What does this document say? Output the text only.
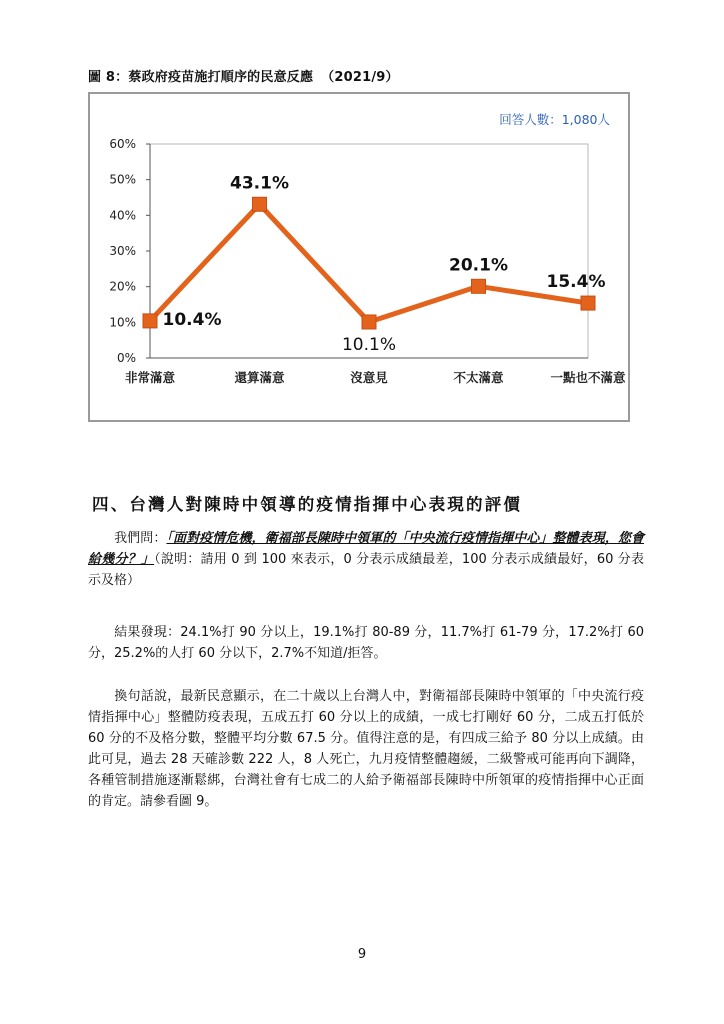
圖 8：蔡政府疫苗施打順序的民意反應 （2021/9）
0%
10%
20%
30%
40%
50%
60%
非常滿意	還算滿意	沒意見	不太滿意	一點也不滿意
10.4%
43.1%
10.1%
20.1%
15.4%
回答人數：1,080人
四、台灣人對陳時中領導的疫情指揮中心表現的評價

我們問：「面對疫情危機，衛福部長陳時中領軍的「中央流行疫情指揮中心」整體表現，您會給幾分？」（說明：請用 0 到 100 來表示，0 分表示成績最差，100 分表示成績最好，60 分表示及格）

結果發現：24.1%打 90 分以上，19.1%打 80-89 分，11.7%打 61-79 分，17.2%打 60 分，25.2%的人打 60 分以下，2.7%不知道/拒答。

換句話說，最新民意顯示，在二十歲以上台灣人中，對衛福部長陳時中領軍的「中央流行疫情指揮中心」整體防疫表現，五成五打 60 分以上的成績，一成七打剛好 60 分，二成五打低於 60 分的不及格分數，整體平均分數 67.5 分。值得注意的是，有四成三給予 80 分以上成績。由此可見，過去 28 天確診數 222 人，8 人死亡，九月疫情整體趨緩，二級警戒可能再向下調降，各種管制措施逐漸鬆綁，台灣社會有七成二的人給予衛福部長陳時中所領軍的疫情指揮中心正面的肯定。請參看圖 9。

9
